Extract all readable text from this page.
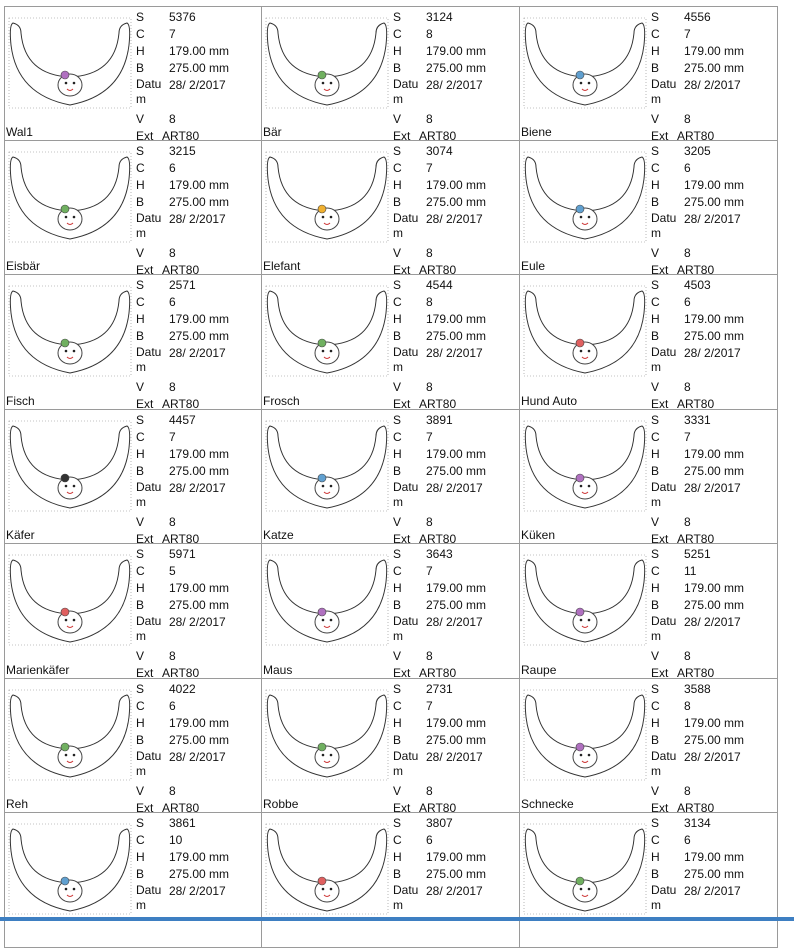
Wal1
S 5376
C 7
H 179.00 mm
B 275.00 mm
Datum
28/ 2/2017
V 8
Ext ART80	Bär
S 3124
C 8
H 179.00 mm
B 275.00 mm
Datum
28/ 2/2017
V 8
Ext ART80	Biene
S 4556
C 7
H 179.00 mm
B 275.00 mm
Datum
28/ 2/2017
V 8
Ext ART80
Eisbär
S 3215
C 6
H 179.00 mm
B 275.00 mm
Datum
28/ 2/2017
V 8
Ext ART80	Elefant
S 3074
C 7
H 179.00 mm
B 275.00 mm
Datum
28/ 2/2017
V 8
Ext ART80	Eule
S 3205
C 6
H 179.00 mm
B 275.00 mm
Datum
28/ 2/2017
V 8
Ext ART80
Fisch
S 2571
C 6
H 179.00 mm
B 275.00 mm
Datum
28/ 2/2017
V 8
Ext ART80	Frosch
S 4544
C 8
H 179.00 mm
B 275.00 mm
Datum
28/ 2/2017
V 8
Ext ART80	Hund Auto
S 4503
C 6
H 179.00 mm
B 275.00 mm
Datum
28/ 2/2017
V 8
Ext ART80
Käfer
S 4457
C 7
H 179.00 mm
B 275.00 mm
Datum
28/ 2/2017
V 8
Ext ART80	Katze
S 3891
C 7
H 179.00 mm
B 275.00 mm
Datum
28/ 2/2017
V 8
Ext ART80	Küken
S 3331
C 7
H 179.00 mm
B 275.00 mm
Datum
28/ 2/2017
V 8
Ext ART80
Marienkäfer
S 5971
C 5
H 179.00 mm
B 275.00 mm
Datum
28/ 2/2017
V 8
Ext ART80	Maus
S 3643
C 7
H 179.00 mm
B 275.00 mm
Datum
28/ 2/2017
V 8
Ext ART80	Raupe
S 5251
C 11
H 179.00 mm
B 275.00 mm
Datum
28/ 2/2017
V 8
Ext ART80
Reh
S 4022
C 6
H 179.00 mm
B 275.00 mm
Datum
28/ 2/2017
V 8
Ext ART80	Robbe
S 2731
C 7
H 179.00 mm
B 275.00 mm
Datum
28/ 2/2017
V 8
Ext ART80	Schnecke
S 3588
C 8
H 179.00 mm
B 275.00 mm
Datum
28/ 2/2017
V 8
Ext ART80
S 3861
C 10
H 179.00 mm
B 275.00 mm
Datum
28/ 2/2017
S 3807
C 6
H 179.00 mm
B 275.00 mm
Datum
28/ 2/2017
S 3134
C 6
H 179.00 mm
B 275.00 mm
Datum
28/ 2/2017
